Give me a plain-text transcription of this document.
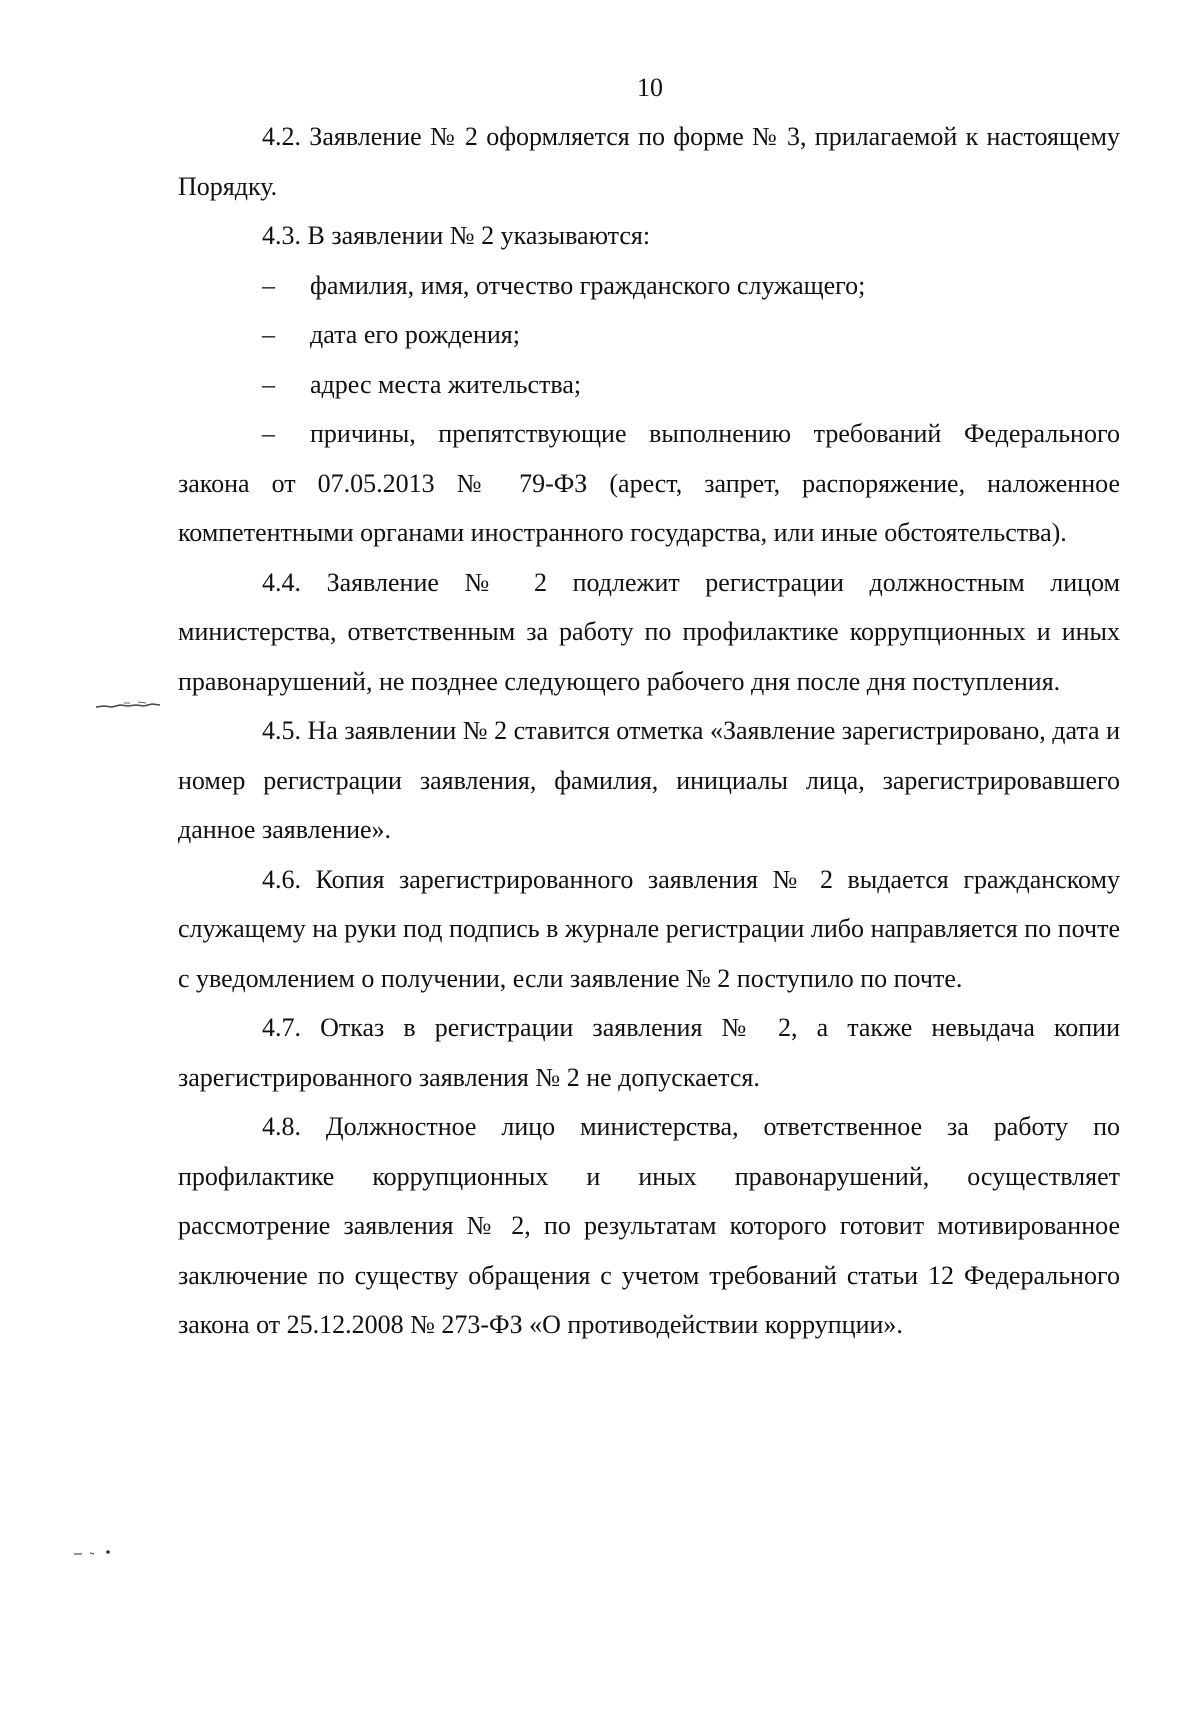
10

4.2. Заявление № 2 оформляется по форме № 3, прилагаемой к настоящему Порядку.

4.3. В заявлении № 2 указываются:

– фамилия, имя, отчество гражданского служащего;

– дата его рождения;

– адрес места жительства;

– причины, препятствующие выполнению требований Федерального закона от 07.05.2013 № 79-ФЗ (арест, запрет, распоряжение, наложенное компетентными органами иностранного государства, или иные обстоятельства).

4.4. Заявление № 2 подлежит регистрации должностным лицом министерства, ответственным за работу по профилактике коррупционных и иных правонарушений, не позднее следующего рабочего дня после дня поступления.

4.5. На заявлении № 2 ставится отметка «Заявление зарегистрировано, дата и номер регистрации заявления, фамилия, инициалы лица, зарегистрировавшего данное заявление».

4.6. Копия зарегистрированного заявления № 2 выдается гражданскому служащему на руки под подпись в журнале регистрации либо направляется по почте с уведомлением о получении, если заявление № 2 поступило по почте.

4.7. Отказ в регистрации заявления № 2, а также невыдача копии зарегистрированного заявления № 2 не допускается.

4.8. Должностное лицо министерства, ответственное за работу по профилактике коррупционных и иных правонарушений, осуществляет рассмотрение заявления № 2, по результатам которого готовит мотивированное заключение по существу обращения с учетом требований статьи 12 Федерального закона от 25.12.2008 № 273-ФЗ «О противодействии коррупции».
